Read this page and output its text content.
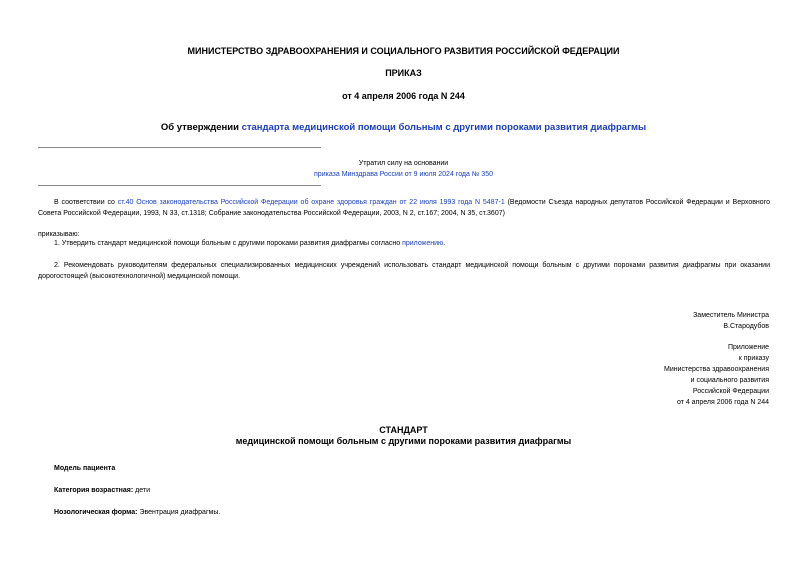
МИНИСТЕРСТВО ЗДРАВООХРАНЕНИЯ И СОЦИАЛЬНОГО РАЗВИТИЯ РОССИЙСКОЙ ФЕДЕРАЦИИ
ПРИКАЗ
от 4 апреля 2006 года N 244
Об утверждении стандарта медицинской помощи больным с другими пороками развития диафрагмы
Утратил силу на основании
приказа Минздрава России от 9 июля 2024 года № 350
В соответствии со ст.40 Основ законодательства Российской Федерации об охране здоровья граждан от 22 июля 1993 года N 5487-1 (Ведомости Съезда народных депутатов Российской Федерации и Верховного Совета Российской Федерации, 1993, N 33, ст.1318; Собрание законодательства Российской Федерации, 2003, N 2, ст.167; 2004, N 35, ст.3607)
приказываю:
1. Утвердить стандарт медицинской помощи больным с другими пороками развития диафрагмы согласно приложению.
2. Рекомендовать руководителям федеральных специализированных медицинских учреждений использовать стандарт медицинской помощи больным с другими пороками развития диафрагмы при оказании дорогостоящей (высокотехнологичной) медицинской помощи.
Заместитель Министра
В.Стародубов
Приложение
к приказу
Министерства здравоохранения
и социального развития
Российской Федерации
от 4 апреля 2006 года N 244
СТАНДАРТ
медицинской помощи больным с другими пороками развития диафрагмы
Модель пациента
Категория возрастная: дети
Нозологическая форма: Эвентрация диафрагмы.
